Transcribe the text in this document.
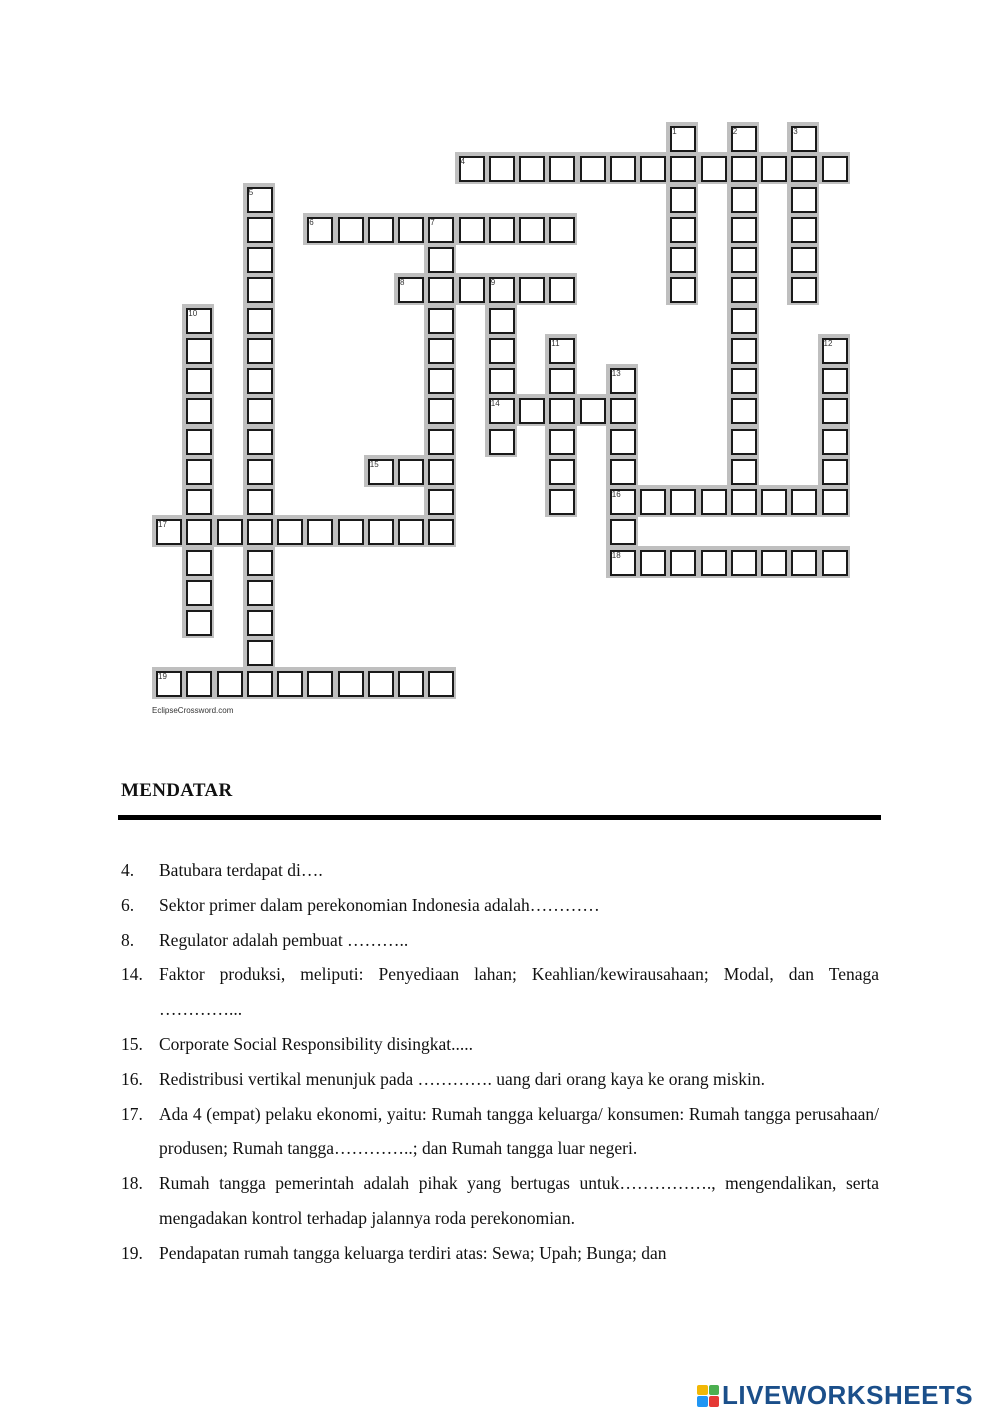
EclipseCrossword.com
4
6
8
14
15
16
17
18
19
1	2	3
5
7
9
10
11	12
13
MENDATAR
4.	Batubara terdapat di….
6.	Sektor primer dalam perekonomian Indonesia adalah…………
8.	Regulator adalah pembuat ………..
14. Faktor produksi, meliputi: Penyediaan lahan; Keahlian/kewirausahaan; Modal, dan Tenaga …………...
15. Corporate Social Responsibility disingkat.....
16. Redistribusi vertikal menunjuk pada …………. uang dari orang kaya ke orang miskin.
17. Ada 4 (empat) pelaku ekonomi, yaitu: Rumah tangga keluarga/ konsumen: Rumah tangga perusahaan/ produsen; Rumah tangga…………..; dan Rumah tangga luar negeri.
18. Rumah tangga pemerintah adalah pihak yang bertugas untuk……………., mengendalikan, serta mengadakan kontrol terhadap jalannya roda perekonomian.
19. Pendapatan rumah tangga keluarga terdiri atas: Sewa; Upah; Bunga; dan
LIVEWORKSHEETS
